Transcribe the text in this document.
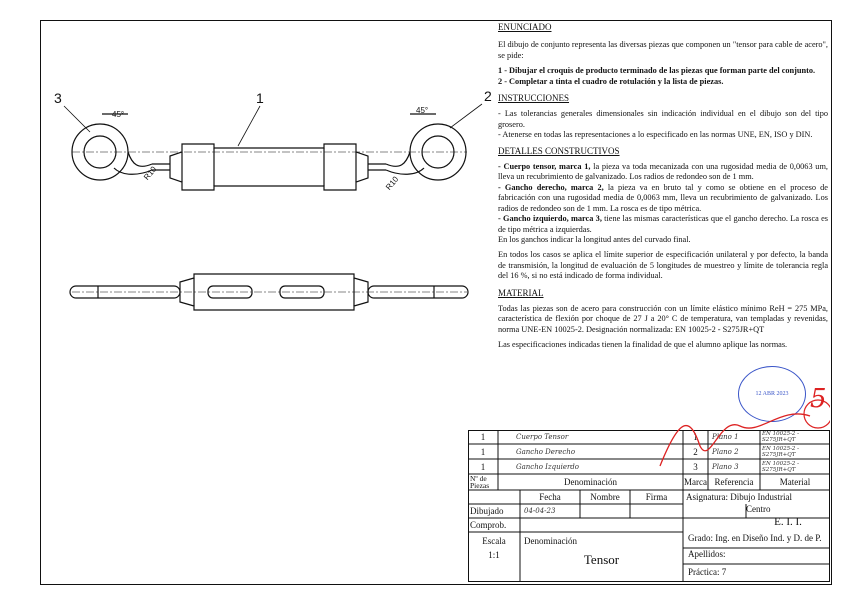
3	1	2
45°	45°
R10
R10
ENUNCIADO
El dibujo de conjunto representa las diversas piezas que componen un "tensor para cable de acero", se pide:
1 - Dibujar el croquis de producto terminado de las piezas que forman parte del conjunto.
2 - Completar a tinta el cuadro de rotulación y la lista de piezas.
INSTRUCCIONES
- Las tolerancias generales dimensionales sin indicación individual en el dibujo son del tipo grosero.
- Atenerse en todas las representaciones a lo especificado en las normas UNE, EN, ISO y DIN.
DETALLES CONSTRUCTIVOS
- Cuerpo tensor, marca 1, la pieza va toda mecanizada con una rugosidad media de 0,0063 um, lleva un recubrimiento de galvanizado. Los radios de redondeo son de 1 mm.
- Gancho derecho, marca 2, la pieza va en bruto tal y como se obtiene en el proceso de fabricación con una rugosidad media de 0,0063 mm, lleva un recubrimiento de galvanizado. Los radios de redondeo son de 1 mm. La rosca es de tipo métrica.
- Gancho izquierdo, marca 3, tiene las mismas características que el gancho derecho. La rosca es de tipo métrica a izquierdas.
En los ganchos indicar la longitud antes del curvado final.
En todos los casos se aplica el límite superior de especificación unilateral y por defecto, la banda de transmisión, la longitud de evaluación de 5 longitudes de muestreo y límite de tolerancia regla del 16 %, si no está indicado de forma individual.
MATERIAL
Todas las piezas son de acero para construcción con un límite elástico mínimo ReH = 275 MPa, característica de flexión por choque de 27 J a 20° C de temperatura, van templadas y revenidas, norma UNE-EN 10025-2. Designación normalizada: EN 10025-2 - S275JR+QT
Las especificaciones indicadas tienen la finalidad de que el alumno aplique las normas.
1	Cuerpo Tensor	1	Plano 1	EN 10025-2 - S275JR+QT
1	Gancho Derecho	2	Plano 2	EN 10025-2 - S275JR+QT
1	Gancho Izquierdo	3	Plano 3	EN 10025-2 - S275JR+QT
Nº de Piezas	Denominación	Marca Referencia	Material
Fecha	Nombre	Firma	Asignatura: Dibujo Industrial
Dibujado	04-04-23	Centro
E. I. I.
Comprob.
Escala
1:1
Denominación
Tensor
Grado: Ing. en Diseño Ind. y D. de P.
Apellidos:
Práctica: 7
12 ABR 2023 5
